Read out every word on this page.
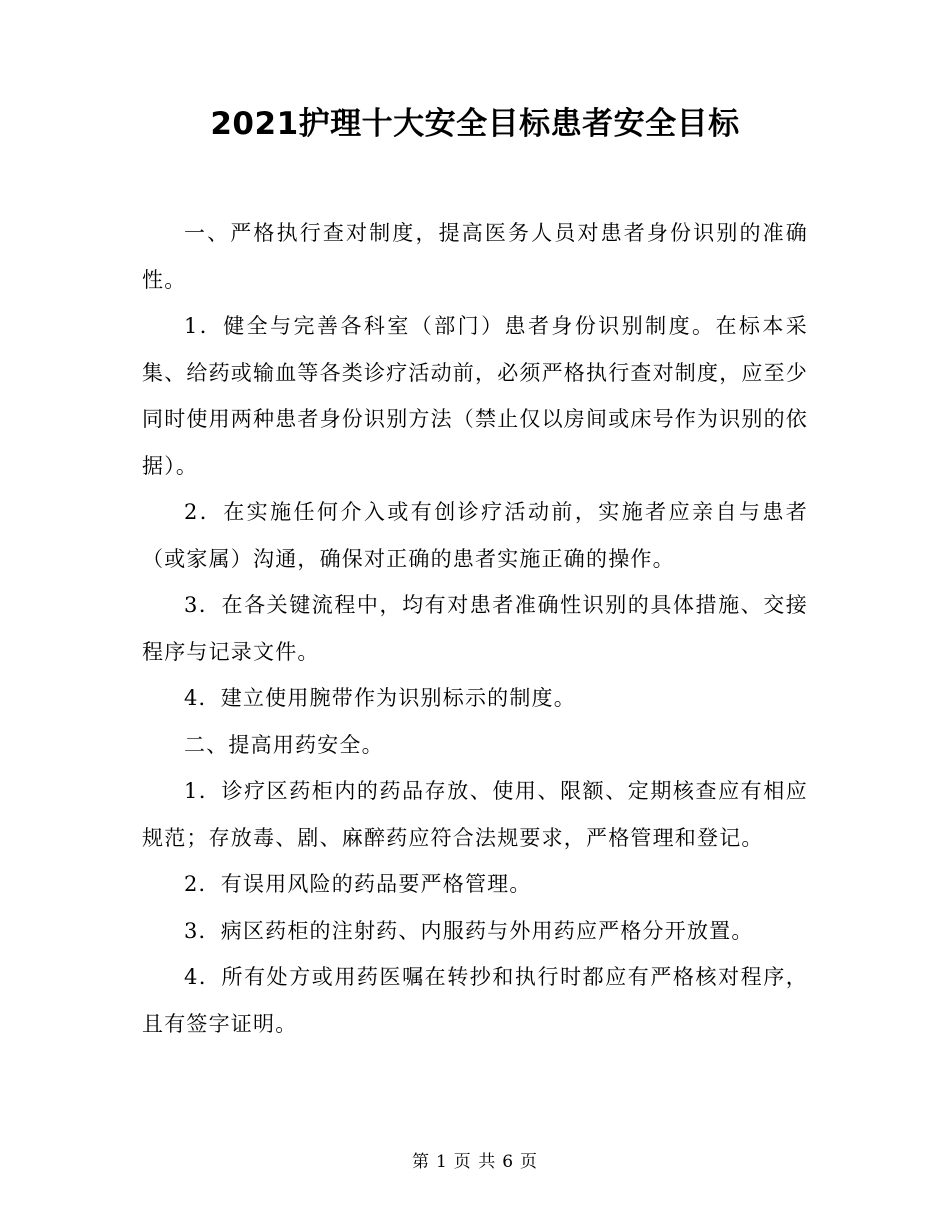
2021护理十大安全目标患者安全目标

一、严格执行查对制度，提高医务人员对患者身份识别的准确性。

1．健全与完善各科室（部门）患者身份识别制度。在标本采集、给药或输血等各类诊疗活动前，必须严格执行查对制度，应至少同时使用两种患者身份识别方法（禁止仅以房间或床号作为识别的依据）。

2．在实施任何介入或有创诊疗活动前，实施者应亲自与患者（或家属）沟通，确保对正确的患者实施正确的操作。

3．在各关键流程中，均有对患者准确性识别的具体措施、交接程序与记录文件。

4．建立使用腕带作为识别标示的制度。

二、提高用药安全。

1．诊疗区药柜内的药品存放、使用、限额、定期核查应有相应规范；存放毒、剧、麻醉药应符合法规要求，严格管理和登记。

2．有误用风险的药品要严格管理。

3．病区药柜的注射药、内服药与外用药应严格分开放置。

4．所有处方或用药医嘱在转抄和执行时都应有严格核对程序，且有签字证明。

第 1 页 共 6 页
